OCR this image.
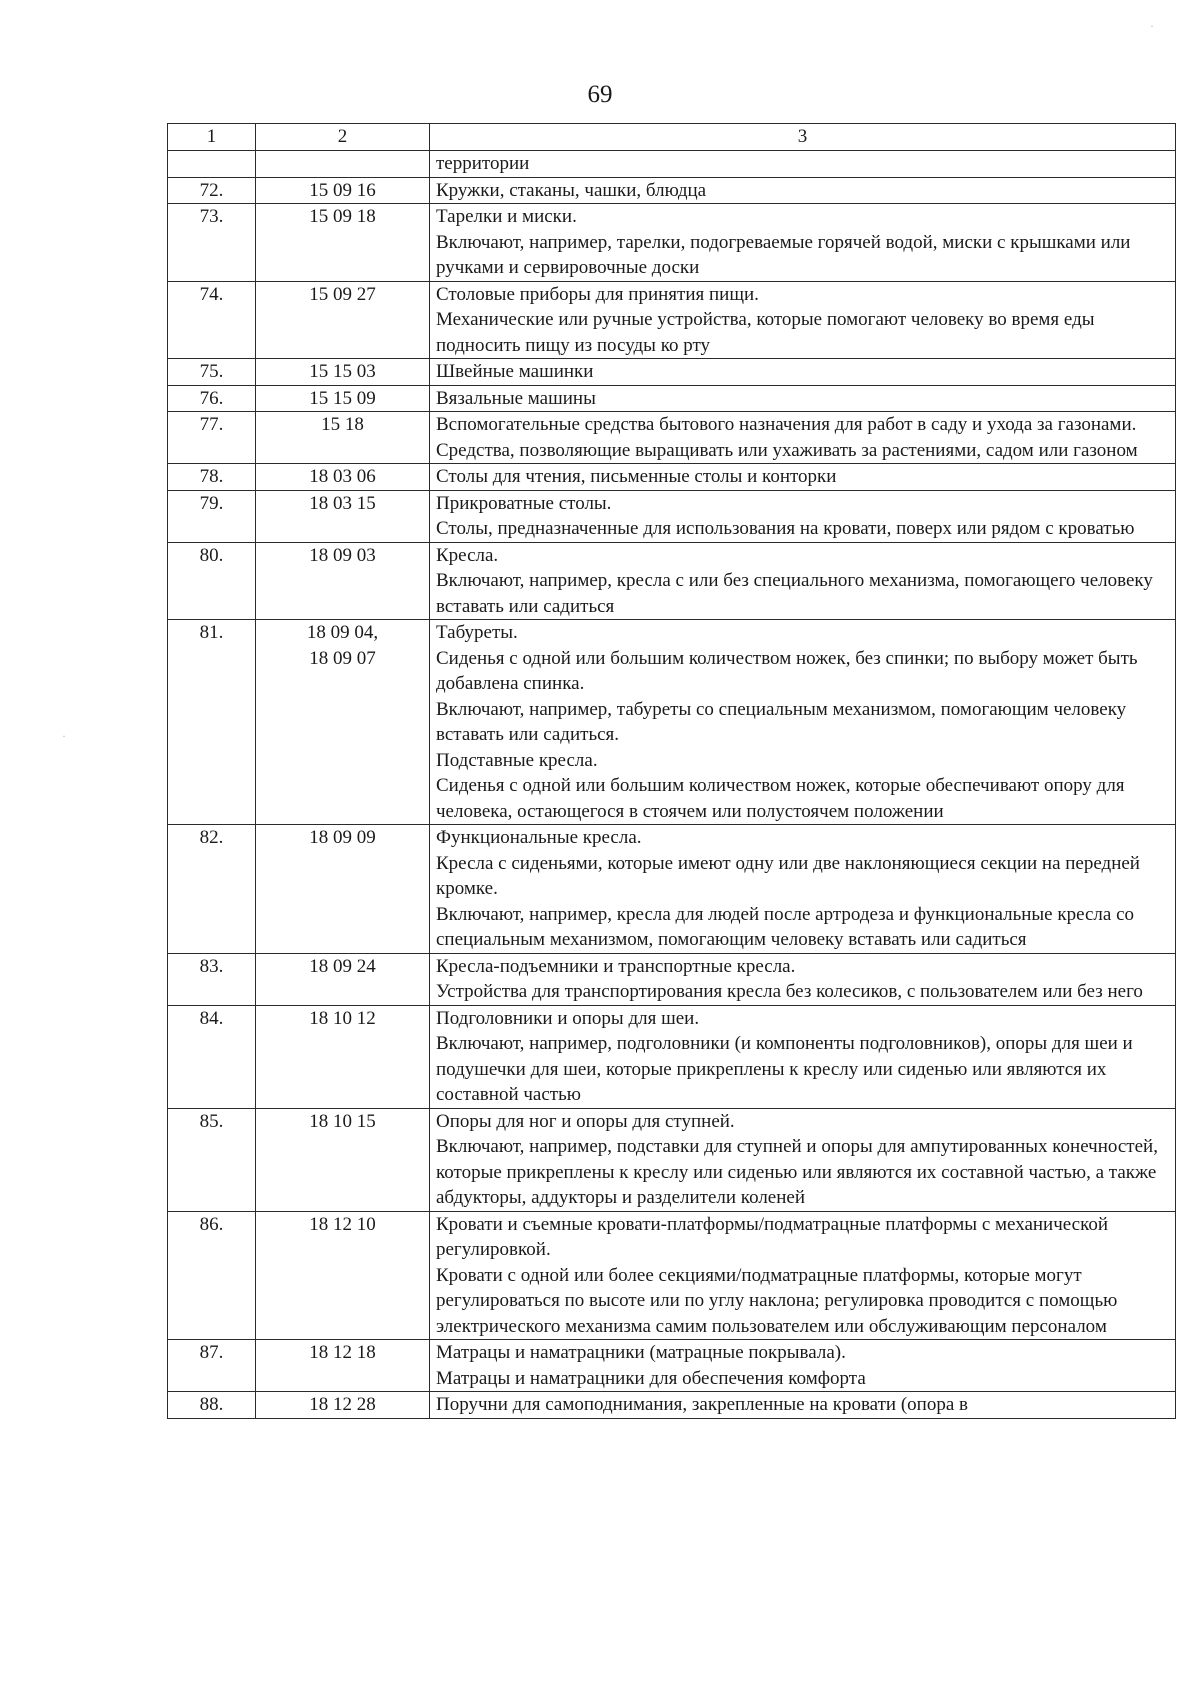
69
·
·
1	2	3

		территории

72.	15 09 16	Кружки, стаканы, чашки, блюдца

73.	15 09 18	Тарелки и миски.
Включают, например, тарелки, подогреваемые горячей водой, миски с крышками или ручками и сервировочные доски

74.	15 09 27	Столовые приборы для принятия пищи.
Механические или ручные устройства, которые помогают человеку во время еды подносить пищу из посуды ко рту

75.	15 15 03	Швейные машинки

76.	15 15 09	Вязальные машины

77.	15 18	Вспомогательные средства бытового назначения для работ в саду и ухода за газонами.
Средства, позволяющие выращивать или ухаживать за растениями, садом или газоном

78.	18 03 06	Столы для чтения, письменные столы и конторки

79.	18 03 15	Прикроватные столы.
Столы, предназначенные для использования на кровати, поверх или рядом с кроватью

80.	18 09 03	Кресла.
Включают, например, кресла с или без специального механизма, помогающего человеку вставать или садиться

81.	18 09 04,
18 09 07	Табуреты.
Сиденья с одной или большим количеством ножек, без спинки; по выбору может быть добавлена спинка.
Включают, например, табуреты со специальным механизмом, помогающим человеку вставать или садиться.
Подставные кресла.
Сиденья с одной или большим количеством ножек, которые обеспечивают опору для человека, остающегося в стоячем или полустоячем положении

82.	18 09 09	Функциональные кресла.
Кресла с сиденьями, которые имеют одну или две наклоняющиеся секции на передней кромке.
Включают, например, кресла для людей после артродеза и функциональные кресла со специальным механизмом, помогающим человеку вставать или садиться

83.	18 09 24	Кресла-подъемники и транспортные кресла.
Устройства для транспортирования кресла без колесиков, с пользователем или без него

84.	18 10 12	Подголовники и опоры для шеи.
Включают, например, подголовники (и компоненты подголовников), опоры для шеи и подушечки для шеи, которые прикреплены к креслу или сиденью или являются их составной частью

85.	18 10 15	Опоры для ног и опоры для ступней.
Включают, например, подставки для ступней и опоры для ампутированных конечностей, которые прикреплены к креслу или сиденью или являются их составной частью, а также абдукторы, аддукторы и разделители коленей

86.	18 12 10	Кровати и съемные кровати-платформы/подматрацные платформы с механической регулировкой.
Кровати с одной или более секциями/подматрацные платформы, которые могут регулироваться по высоте или по углу наклона; регулировка проводится с помощью электрического механизма самим пользователем или обслуживающим персоналом

87.	18 12 18	Матрацы и наматрацники (матрацные покрывала).
Матрацы и наматрацники для обеспечения комфорта

88.	18 12 28	Поручни для самоподнимания, закрепленные на кровати (опора в
